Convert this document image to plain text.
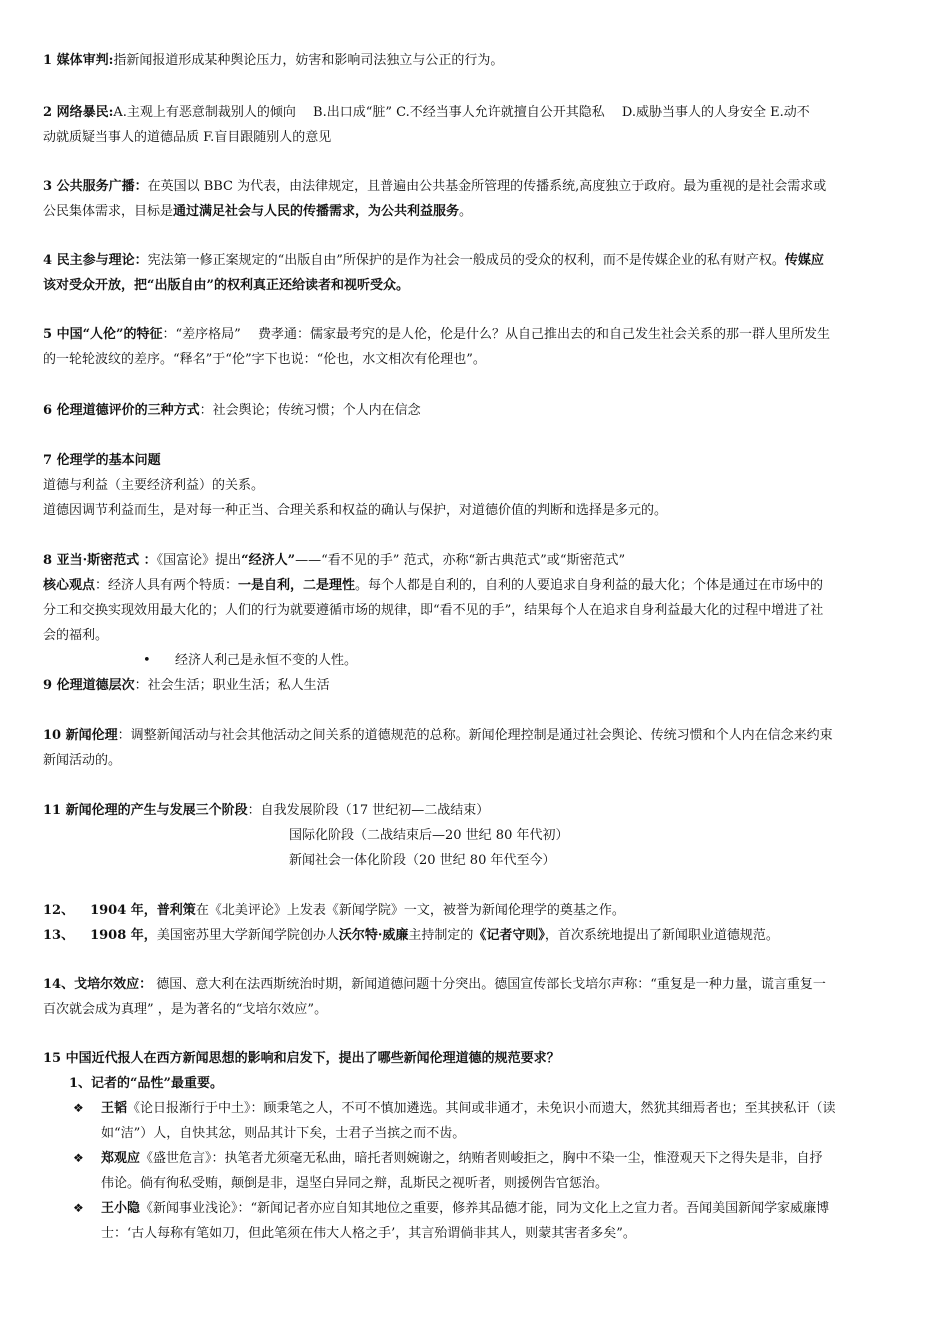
1 媒体审判:指新闻报道形成某种舆论压力，妨害和影响司法独立与公正的行为。

2 网络暴民:A.主观上有恶意制裁别人的倾向　 B.出口成“脏” C.不经当事人允许就擅自公开其隐私　 D.威胁当事人的人身安全 E.动不

动就质疑当事人的道德品质 F.盲目跟随别人的意见

3 公共服务广播：在英国以 BBC 为代表，由法律规定，且普遍由公共基金所管理的传播系统,高度独立于政府。最为重视的是社会需求或

公民集体需求，目标是通过满足社会与人民的传播需求，为公共利益服务。

4 民主参与理论：宪法第一修正案规定的“出版自由”所保护的是作为社会一般成员的受众的权利，而不是传媒企业的私有财产权。传媒应

该对受众开放，把“出版自由”的权利真正还给读者和视听受众。

5 中国“人伦”的特征：“差序格局”　 费孝通：儒家最考究的是人伦，伦是什么？从自己推出去的和自己发生社会关系的那一群人里所发生

的一轮轮波纹的差序。“释名”于“伦”字下也说：“伦也，水文相次有伦理也”。

6 伦理道德评价的三种方式：社会舆论；传统习惯；个人内在信念

7 伦理学的基本问题

道德与利益（主要经济利益）的关系。

道德因调节利益而生，是对每一种正当、合理关系和权益的确认与保护，对道德价值的判断和选择是多元的。

8 亚当·斯密范式 ：《国富论》提出“经济人”——“看不见的手” 范式，亦称“新古典范式”或“斯密范式”

核心观点：经济人具有两个特质：一是自利，二是理性。每个人都是自利的，自利的人要追求自身利益的最大化；个体是通过在市场中的

分工和交换实现效用最大化的；人们的行为就要遵循市场的规律，即“看不见的手”，结果每个人在追求自身利益最大化的过程中增进了社

会的福利。

• 经济人利己是永恒不变的人性。

9 伦理道德层次：社会生活；职业生活；私人生活

10 新闻伦理：调整新闻活动与社会其他活动之间关系的道德规范的总称。新闻伦理控制是通过社会舆论、传统习惯和个人内在信念来约束

新闻活动的。

11 新闻伦理的产生与发展三个阶段：自我发展阶段（17 世纪初—二战结束）

国际化阶段（二战结束后—20 世纪 80 年代初）

新闻社会一体化阶段（20 世纪 80 年代至今）

12、 1904 年，普利策在《北美评论》上发表《新闻学院》一文，被誉为新闻伦理学的奠基之作。

13、 1908 年，美国密苏里大学新闻学院创办人沃尔特·威廉主持制定的《记者守则》，首次系统地提出了新闻职业道德规范。

14、戈培尔效应： 德国、意大利在法西斯统治时期，新闻道德问题十分突出。德国宣传部长戈培尔声称：“重复是一种力量，谎言重复一

百次就会成为真理” ，是为著名的“戈培尔效应”。

15 中国近代报人在西方新闻思想的影响和启发下，提出了哪些新闻伦理道德的规范要求？

1、记者的“品性”最重要。

❖ 王韬《论日报渐行于中土》：顾秉笔之人，不可不慎加遴选。其间或非通才，未免识小而遗大，然犹其细焉者也；至其挟私讦（读

如“洁”）人，自快其忿，则品其计下矣，士君子当摈之而不齿。

❖ 郑观应《盛世危言》：执笔者尤须毫无私曲，暗托者则婉谢之，纳贿者则峻拒之，胸中不染一尘，惟澄观天下之得失是非，自抒

伟论。倘有徇私受贿，颠倒是非，逞坚白异同之辩，乱斯民之视听者，则援例告官惩治。

❖ 王小隐《新闻事业浅论》：“新闻记者亦应自知其地位之重要，修养其品德才能，同为文化上之宣力者。吾闻美国新闻学家威廉博

士：‘古人每称有笔如刀，但此笔须在伟大人格之手’，其言殆谓倘非其人，则蒙其害者多矣”。
